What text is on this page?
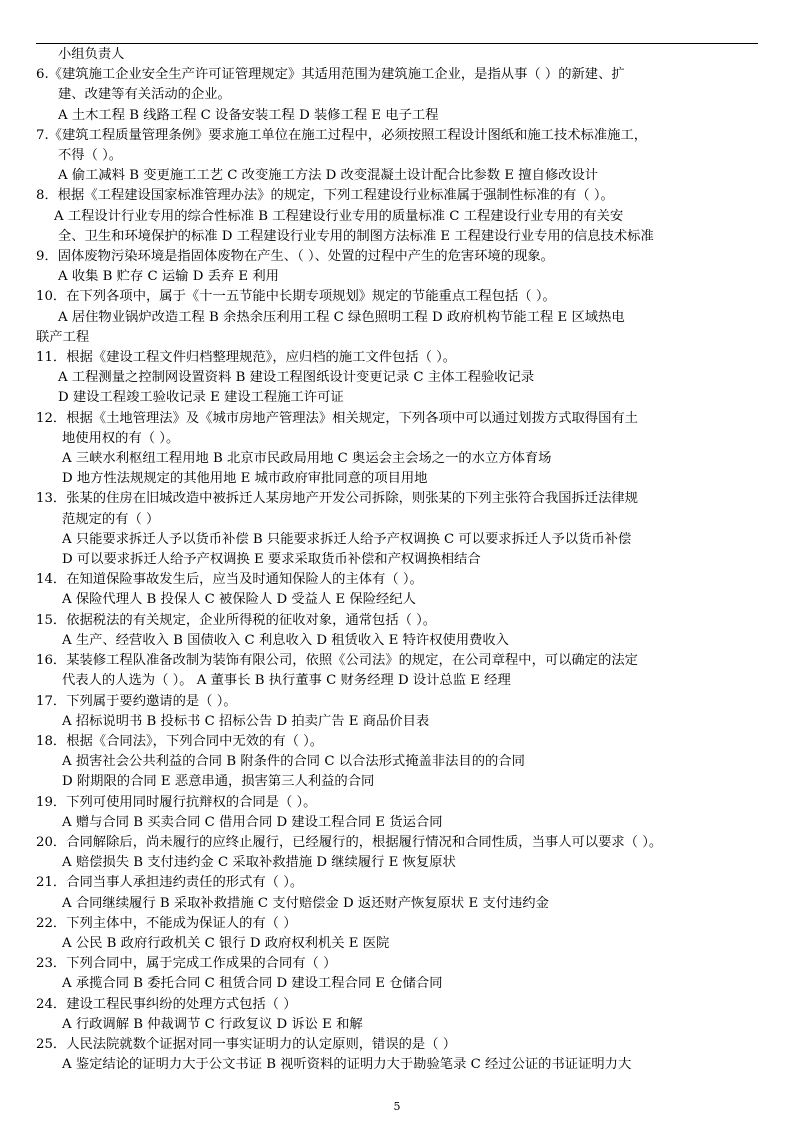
小组负责人
6.《建筑施工企业安全生产许可证管理规定》其适用范围为建筑施工企业，是指从事（ ）的新建、扩
建、改建等有关活动的企业。
A 土木工程 B 线路工程 C 设备安装工程 D 装修工程 E 电子工程
7.《建筑工程质量管理条例》要求施工单位在施工过程中，必须按照工程设计图纸和施工技术标准施工，
不得（ ）。
A 偷工减料 B 变更施工工艺 C 改变施工方法 D 改变混凝土设计配合比参数 E 擅自修改设计
8．根据《工程建设国家标准管理办法》的规定，下列工程建设行业标准属于强制性标准的有（ ）。
A 工程设计行业专用的综合性标准 B 工程建设行业专用的质量标准 C 工程建设行业专用的有关安
全、卫生和环境保护的标准 D 工程建设行业专用的制图方法标准 E 工程建设行业专用的信息技术标准
9．固体废物污染环境是指固体废物在产生、（ ）、处置的过程中产生的危害环境的现象。
A 收集 B 贮存 C 运输 D 丢弃 E 利用
10．在下列各项中，属于《十一五节能中长期专项规划》规定的节能重点工程包括（ ）。
A 居住物业锅炉改造工程 B 余热余压利用工程 C 绿色照明工程 D 政府机构节能工程 E 区域热电
联产工程
11．根据《建设工程文件归档整理规范》，应归档的施工文件包括（ ）。
A 工程测量之控制网设置资料 B 建设工程图纸设计变更记录 C 主体工程验收记录
D 建设工程竣工验收记录 E 建设工程施工许可证
12．根据《土地管理法》及《城市房地产管理法》相关规定，下列各项中可以通过划拨方式取得国有土
地使用权的有（ ）。
A 三峡水利枢纽工程用地 B 北京市民政局用地 C 奥运会主会场之一的水立方体育场
D 地方性法规规定的其他用地 E 城市政府审批同意的项目用地
13．张某的住房在旧城改造中被拆迁人某房地产开发公司拆除，则张某的下列主张符合我国拆迁法律规
范规定的有（ ）
A 只能要求拆迁人予以货币补偿 B 只能要求拆迁人给予产权调换 C 可以要求拆迁人予以货币补偿
D 可以要求拆迁人给予产权调换 E 要求采取货币补偿和产权调换相结合
14．在知道保险事故发生后，应当及时通知保险人的主体有（ ）。
A 保险代理人 B 投保人 C 被保险人 D 受益人 E 保险经纪人
15．依据税法的有关规定，企业所得税的征收对象，通常包括（ ）。
A 生产、经营收入 B 国债收入 C 利息收入 D 租赁收入 E 特许权使用费收入
16．某装修工程队准备改制为装饰有限公司，依照《公司法》的规定，在公司章程中，可以确定的法定
代表人的人选为（ ）。 A 董事长 B 执行董事 C 财务经理 D 设计总监 E 经理
17．下列属于要约邀请的是（ ）。
A 招标说明书 B 投标书 C 招标公告 D 拍卖广告 E 商品价目表
18．根据《合同法》，下列合同中无效的有（ ）。
A 损害社会公共利益的合同 B 附条件的合同 C 以合法形式掩盖非法目的的合同
D 附期限的合同 E 恶意串通，损害第三人利益的合同
19．下列可使用同时履行抗辩权的合同是（ ）。
A 赠与合同 B 买卖合同 C 借用合同 D 建设工程合同 E 货运合同
20．合同解除后，尚未履行的应终止履行，已经履行的，根据履行情况和合同性质，当事人可以要求（ ）。
A 赔偿损失 B 支付违约金 C 采取补救措施 D 继续履行 E 恢复原状
21．合同当事人承担违约责任的形式有（ ）。
A 合同继续履行 B 采取补救措施 C 支付赔偿金 D 返还财产恢复原状 E 支付违约金
22．下列主体中，不能成为保证人的有（ ）
A 公民 B 政府行政机关 C 银行 D 政府权利机关 E 医院
23．下列合同中，属于完成工作成果的合同有（ ）
A 承揽合同 B 委托合同 C 租赁合同 D 建设工程合同 E 仓储合同
24．建设工程民事纠纷的处理方式包括（ ）
A 行政调解 B 仲裁调节 C 行政复议 D 诉讼 E 和解
25．人民法院就数个证据对同一事实证明力的认定原则，错误的是（ ）
A 鉴定结论的证明力大于公文书证 B 视听资料的证明力大于勘验笔录 C 经过公证的书证证明力大
5
